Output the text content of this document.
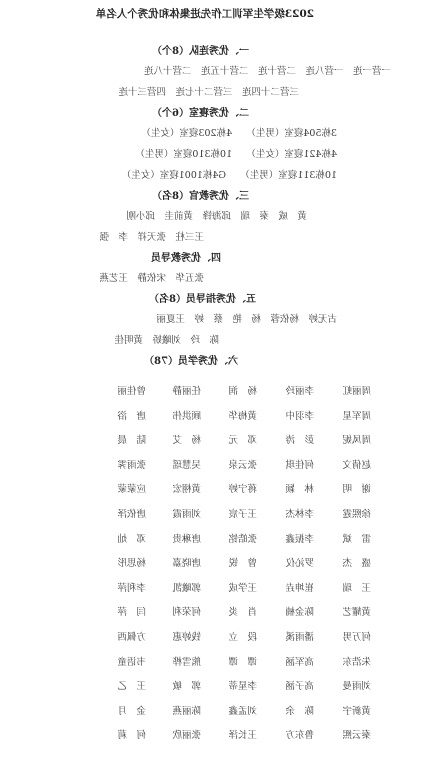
2023级学生军训工作先进集体和优秀个人名单
一、优秀连队（8个）
一营一连　一营八连　二营十连　二营十五连　二营十八连
三营二十四连　三营二十七连　四营三十连
二、优秀寝室（6个）
3栋504寝室（男生）　　4栋203寝室（女生）
4栋421寝室（女生）　　10栋310寝室（男生）
10栋311寝室（男生）　　G4栋1001寝室（女生）
三、优秀教官（8名）
黄　威　秦　瑞　邱海锋　黄前圭　邱小刚
王三柱　张天祥　李　强
四、优秀教导员
张五华　宋依静　王艺燕
五、优秀指导员（8名）
古无婷　杨依蓉　杨　艳　蔡　婷　王夏丽
陈　玲　刘曦娇　黄明佳
六、优秀学员（78）
周丽虹
李丽玲
杨　润
任丽静
曾佳丽
周军星
李羽中
黄梅华
顾洪伟
唐　浴
周凤妮
彭　涛
邓　元
杨　艾
陆　晨
赵倩文
何佳琪
张云泉
吴慧瑶
张雨霁
谢　明
林　颖
蒋宁婷
黄栩宏
应蒙蒙
徐熙霆
李林杰
王子宸
刘雨霞
唐依泽
雷　斌
李振鑫
张皓铭
唐琳贵
邓　灿
盛　杰
罗沁仪
曾　锐
唐晓嘉
杨思彤
王　瑞
崔坤垚
王学成
郭曦凯
李利萍
黄耀艺
陈金楠
肖　炎
何荣利
闫　萍
何万男
潘雨溪
段　立
钱婷惠
方佩西
朱浩东
高军涵
谭　谭
熊雪桦
韦语童
刘雨曼
高子涵
李星蒂
郭　敏
王　乙
黄新宇
陈　余
刘孟鑫
陈丽燕
金　月
秦云熙
鲁东方
王长泽
张丽欣
何　莉
